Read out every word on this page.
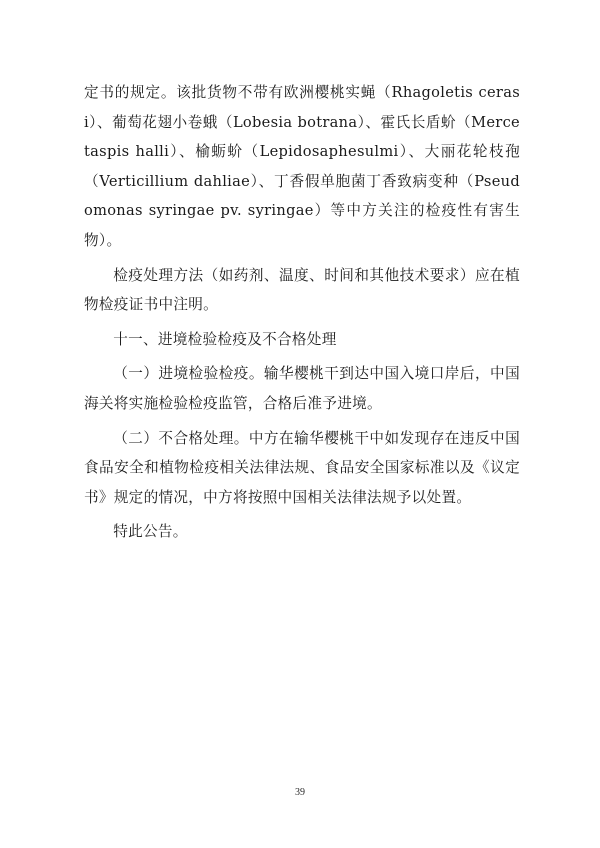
定书的规定。该批货物不带有欧洲樱桃实蝇（Rhagoletis cerasi）、葡萄花翅小卷蛾（Lobesia botrana）、霍氏长盾蚧（Mercetaspis halli）、榆蛎蚧（Lepidosaphesulmi）、大丽花轮枝孢（Verticillium dahliae）、丁香假单胞菌丁香致病变种（Pseudomonas syringae pv. syringae）等中方关注的检疫性有害生物）。

检疫处理方法（如药剂、温度、时间和其他技术要求）应在植物检疫证书中注明。

十一、进境检验检疫及不合格处理

（一）进境检验检疫。输华樱桃干到达中国入境口岸后，中国海关将实施检验检疫监管，合格后准予进境。

（二）不合格处理。中方在输华樱桃干中如发现存在违反中国食品安全和植物检疫相关法律法规、食品安全国家标准以及《议定书》规定的情况，中方将按照中国相关法律法规予以处置。

特此公告。

39
